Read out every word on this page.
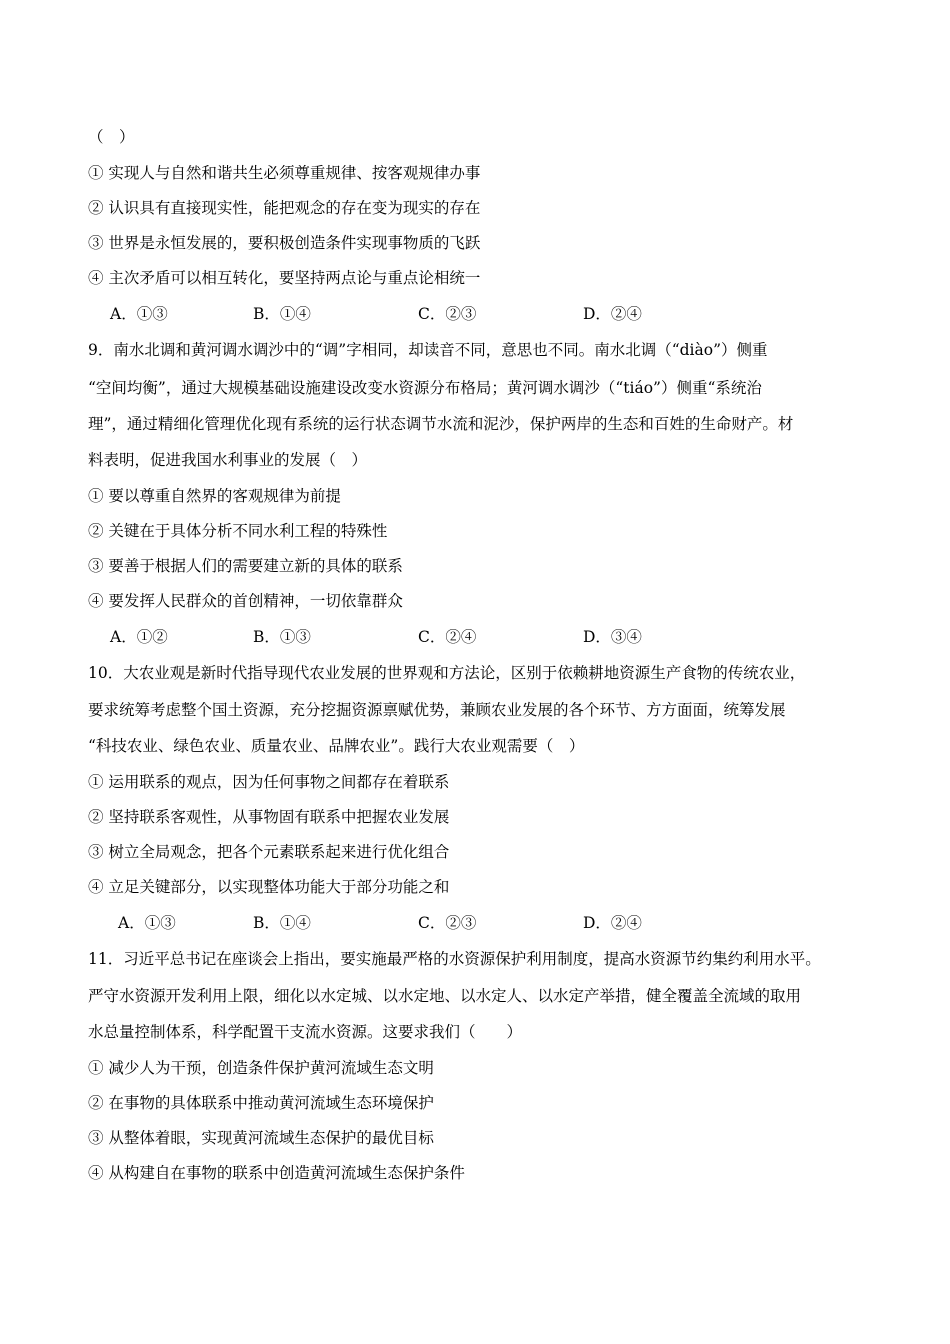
（　）
① 实现人与自然和谐共生必须尊重规律、按客观规律办事
② 认识具有直接现实性，能把观念的存在变为现实的存在
③ 世界是永恒发展的，要积极创造条件实现事物质的飞跃
④ 主次矛盾可以相互转化，要坚持两点论与重点论相统一
A．①③	B．①④	C．②③	D．②④
9．南水北调和黄河调水调沙中的“调”字相同，却读音不同，意思也不同。南水北调（“diào”）侧重
“空间均衡”，通过大规模基础设施建设改变水资源分布格局；黄河调水调沙（“tiáo”）侧重“系统治
理”，通过精细化管理优化现有系统的运行状态调节水流和泥沙，保护两岸的生态和百姓的生命财产。材
料表明，促进我国水利事业的发展（　）
① 要以尊重自然界的客观规律为前提
② 关键在于具体分析不同水利工程的特殊性
③ 要善于根据人们的需要建立新的具体的联系
④ 要发挥人民群众的首创精神，一切依靠群众
A．①②	B．①③	C．②④	D．③④
10．大农业观是新时代指导现代农业发展的世界观和方法论，区别于依赖耕地资源生产食物的传统农业，
要求统筹考虑整个国土资源，充分挖掘资源禀赋优势，兼顾农业发展的各个环节、方方面面，统筹发展
“科技农业、绿色农业、质量农业、品牌农业”。践行大农业观需要（　）
① 运用联系的观点，因为任何事物之间都存在着联系
② 坚持联系客观性，从事物固有联系中把握农业发展
③ 树立全局观念，把各个元素联系起来进行优化组合
④ 立足关键部分，以实现整体功能大于部分功能之和
A．①③	B．①④	C．②③	D．②④
11．习近平总书记在座谈会上指出，要实施最严格的水资源保护利用制度，提高水资源节约集约利用水平。
严守水资源开发利用上限，细化以水定城、以水定地、以水定人、以水定产举措，健全覆盖全流域的取用
水总量控制体系，科学配置干支流水资源。这要求我们（　　）
① 减少人为干预，创造条件保护黄河流域生态文明
② 在事物的具体联系中推动黄河流域生态环境保护
③ 从整体着眼，实现黄河流域生态保护的最优目标
④ 从构建自在事物的联系中创造黄河流域生态保护条件
